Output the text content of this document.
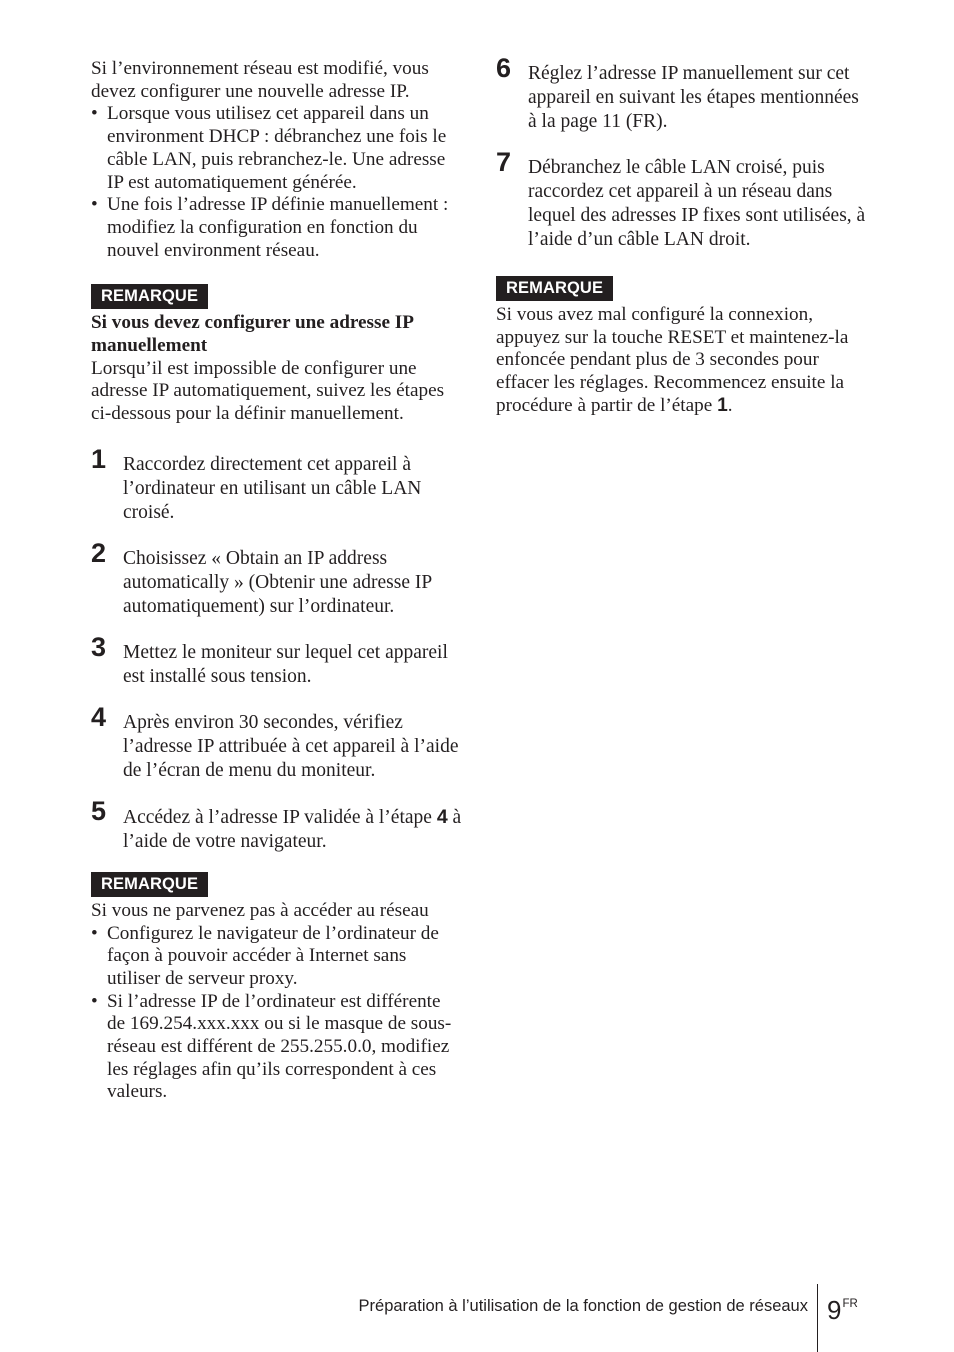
Si l’environnement réseau est modifié, vous devez configurer une nouvelle adresse IP.

• Lorsque vous utilisez cet appareil dans un environment DHCP : débranchez une fois le câble LAN, puis rebranchez-le. Une adresse IP est automatiquement générée.
• Une fois l’adresse IP définie manuellement : modifiez la configuration en fonction du nouvel environment réseau.
REMARQUE

Si vous devez configurer une adresse IP manuellement

Lorsqu’il est impossible de configurer une adresse IP automatiquement, suivez les étapes ci-dessous pour la définir manuellement.

1 Raccordez directement cet appareil à l’ordinateur en utilisant un câble LAN croisé.

2 Choisissez « Obtain an IP address automatically » (Obtenir une adresse IP automatiquement) sur l’ordinateur.

3 Mettez le moniteur sur lequel cet appareil est installé sous tension.

4 Après environ 30 secondes, vérifiez l’adresse IP attribuée à cet appareil à l’aide de l’écran de menu du moniteur.

5 Accédez à l’adresse IP validée à l’étape 4 à l’aide de votre navigateur.

REMARQUE

Si vous ne parvenez pas à accéder au réseau

• Configurez le navigateur de l’ordinateur de façon à pouvoir accéder à Internet sans utiliser de serveur proxy.
• Si l’adresse IP de l’ordinateur est différente de 169.254.xxx.xxx ou si le masque de sous-réseau est différent de 255.255.0.0, modifiez les réglages afin qu’ils correspondent à ces valeurs.
6 Réglez l’adresse IP manuellement sur cet appareil en suivant les étapes mentionnées à la page 11 (FR).

7 Débranchez le câble LAN croisé, puis raccordez cet appareil à un réseau dans lequel des adresses IP fixes sont utilisées, à l’aide d’un câble LAN droit.

REMARQUE

Si vous avez mal configuré la connexion, appuyez sur la touche RESET et maintenez-la enfoncée pendant plus de 3 secondes pour effacer les réglages. Recommencez ensuite la procédure à partir de l’étape 1.

Préparation à l’utilisation de la fonction de gestion de réseaux $9^{FR}$
